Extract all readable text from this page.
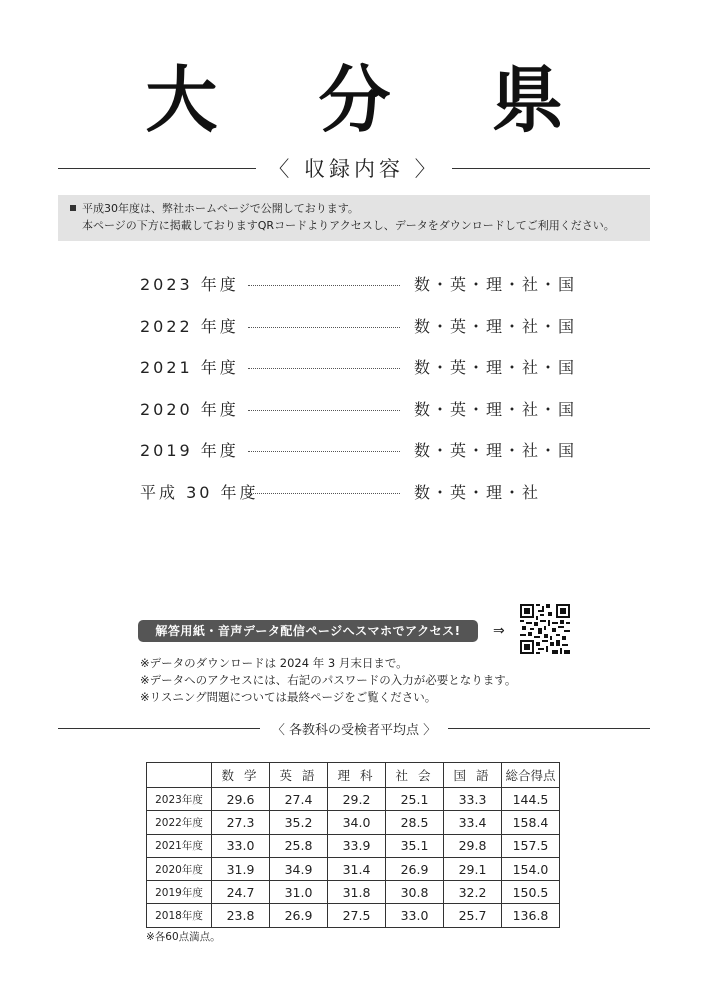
大 分 県
〈 収録内容 〉
平成30年度は、弊社ホームページで公開しております。
本ページの下方に掲載しておりますQRコードよりアクセスし、データをダウンロードしてご利用ください。
2023 年度	数・英・理・社・国
2022 年度	数・英・理・社・国
2021 年度	数・英・理・社・国
2020 年度	数・英・理・社・国
2019 年度	数・英・理・社・国
平成 30 年度	数・英・理・社
解答用紙・音声データ配信ページへスマホでアクセス!	⇒
※データのダウンロードは 2024 年 3 月末日まで。
※データへのアクセスには、右記のパスワードの入力が必要となります。
※リスニング問題については最終ページをご覧ください。
〈 各教科の受検者平均点 〉
	数 学	英 語	理 科	社 会	国 語	総合得点
2023年度	29.6	27.4	29.2	25.1	33.3	144.5
2022年度	27.3	35.2	34.0	28.5	33.4	158.4
2021年度	33.0	25.8	33.9	35.1	29.8	157.5
2020年度	31.9	34.9	31.4	26.9	29.1	154.0
2019年度	24.7	31.0	31.8	30.8	32.2	150.5
2018年度	23.8	26.9	27.5	33.0	25.7	136.8
※各60点満点。
